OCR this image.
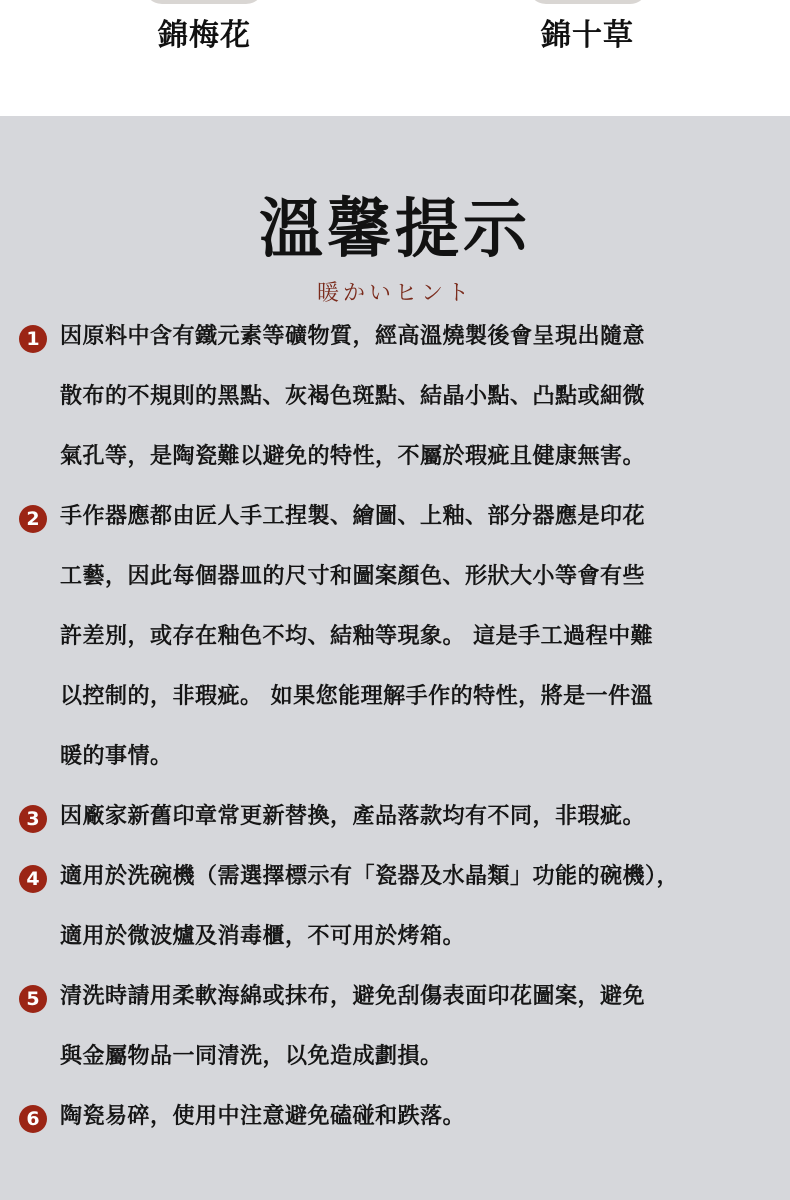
錦梅花	錦十草
溫馨提示
暖かいヒント
1 因原料中含有鐵元素等礦物質，經高溫燒製後會呈現出隨意
散布的不規則的黑點、灰褐色斑點、結晶小點、凸點或細微
氣孔等，是陶瓷難以避免的特性，不屬於瑕疵且健康無害。
2 手作器應都由匠人手工捏製、繪圖、上釉、部分器應是印花
工藝，因此每個器皿的尺寸和圖案顏色、形狀大小等會有些
許差別，或存在釉色不均、結釉等現象。 這是手工過程中難
以控制的，非瑕疵。 如果您能理解手作的特性，將是一件溫
暖的事情。
3 因廠家新舊印章常更新替換，產品落款均有不同，非瑕疵。
4 適用於洗碗機（需選擇標示有「瓷器及水晶類」功能的碗機），
適用於微波爐及消毒櫃，不可用於烤箱。
5 清洗時請用柔軟海綿或抹布，避免刮傷表面印花圖案，避免
與金屬物品一同清洗，以免造成劃損。
6 陶瓷易碎，使用中注意避免磕碰和跌落。
